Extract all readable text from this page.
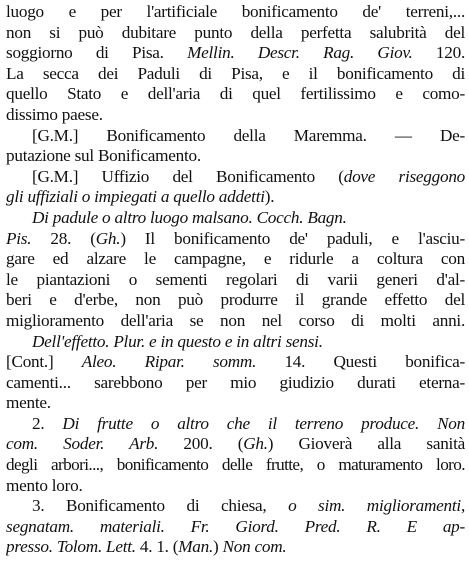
luogo e per l'artificiale bonificamento de' terreni,...
non si può dubitare punto della perfetta salubrità del
soggiorno di Pisa. Mellin. Descr. Rag. Giov. 120.
La secca dei Paduli di Pisa, e il bonificamento di
quello Stato e dell'aria di quel fertilissimo e como-
dissimo paese.
[G.M.] Bonificamento della Maremma. — De-
putazione sul Bonificamento.
[G.M.] Uffizio del Bonificamento (dove riseggono
gli uffiziali o impiegati a quello addetti).
Di padule o altro luogo malsano. Cocch. Bagn.
Pis. 28. (Gh.) Il bonificamento de' paduli, e l'asciu-
gare ed alzare le campagne, e ridurle a coltura con
le piantazioni o sementi regolari di varii generi d'al-
beri e d'erbe, non può produrre il grande effetto del
miglioramento dell'aria se non nel corso di molti anni.
Dell'effetto. Plur. e in questo e in altri sensi.
[Cont.] Aleo. Ripar. somm. 14. Questi bonifica-
camenti... sarebbono per mio giudizio durati eterna-
mente.
2. Di frutte o altro che il terreno produce. Non
com. Soder. Arb. 200. (Gh.) Gioverà alla sanità
degli arbori..., bonificamento delle frutte, o maturamento loro.
mento loro.
3. Bonificamento di chiesa, o sim. miglioramenti,
segnatam. materiali. Fr. Giord. Pred. R. E ap-
presso. Tolom. Lett. 4. 1. (Man.) Non com.
